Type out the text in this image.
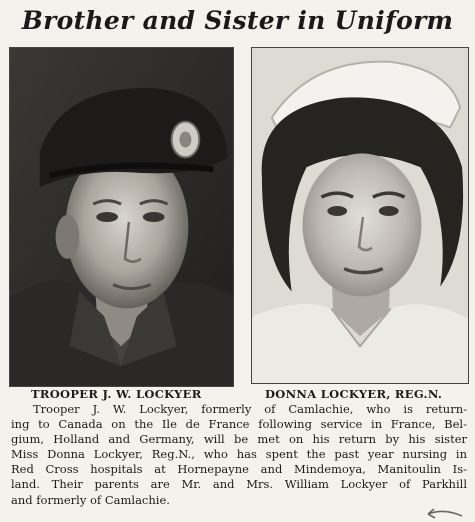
Brother and Sister in Uniform
TROOPER J. W. LOCKYER	DONNA LOCKYER, REG.N.
Trooper J. W. Lockyer, formerly of Camlachie, who is return-
ing to Canada on the Ile de France following service in France, Bel-
gium, Holland and Germany, will be met on his return by his sister
Miss Donna Lockyer, Reg.N., who has spent the past year nursing in
Red Cross hospitals at Hornepayne and Mindemoya, Manitoulin Is-
land. Their parents are Mr. and Mrs. William Lockyer of Parkhill
and formerly of Camlachie.
